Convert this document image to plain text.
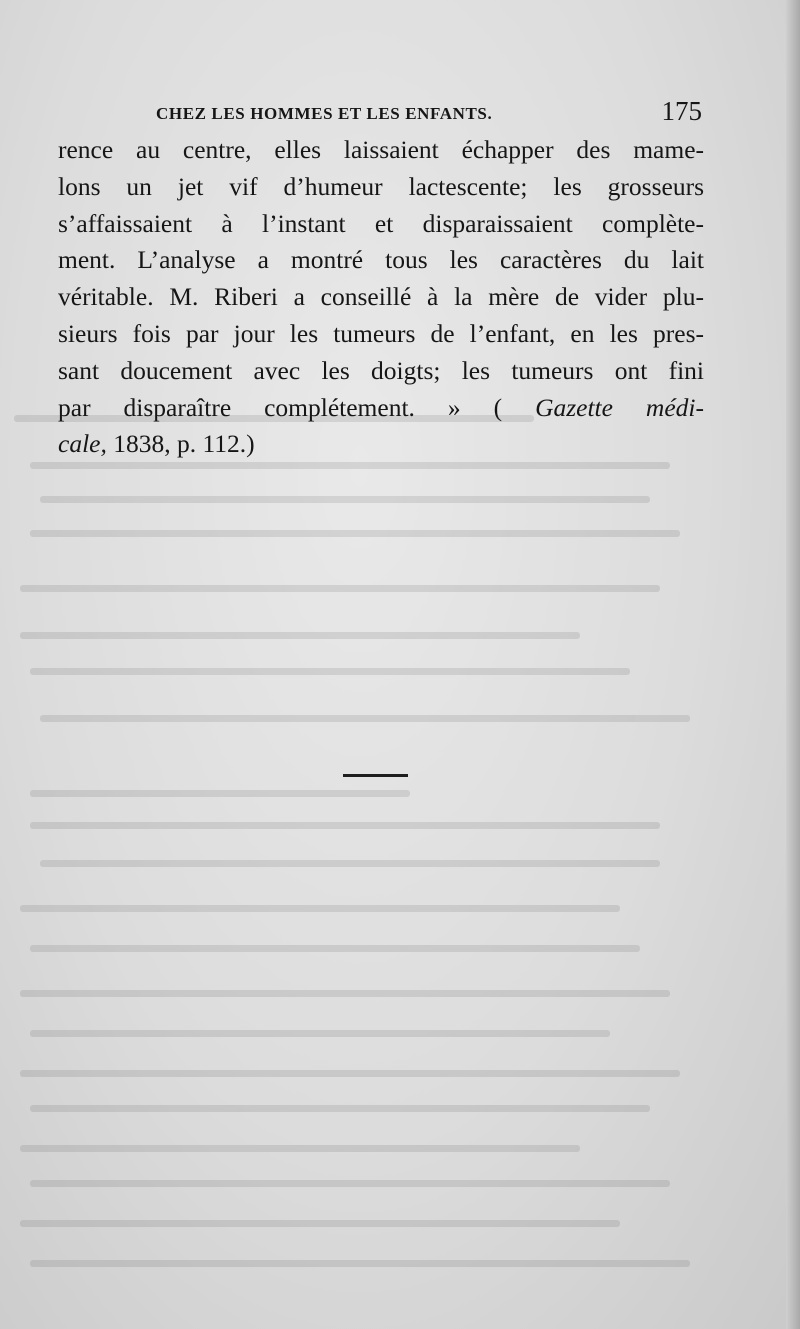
CHEZ LES HOMMES ET LES ENFANTS.	175
rence au centre, elles laissaient échapper des mame-
lons un jet vif d’humeur lactescente; les grosseurs
s’affaissaient à l’instant et disparaissaient complète-
ment. L’analyse a montré tous les caractères du lait
véritable. M. Riberi a conseillé à la mère de vider plu-
sieurs fois par jour les tumeurs de l’enfant, en les pres-
sant doucement avec les doigts; les tumeurs ont fini
par disparaître complétement. » ( Gazette médi-
cale, 1838, p. 112.)
